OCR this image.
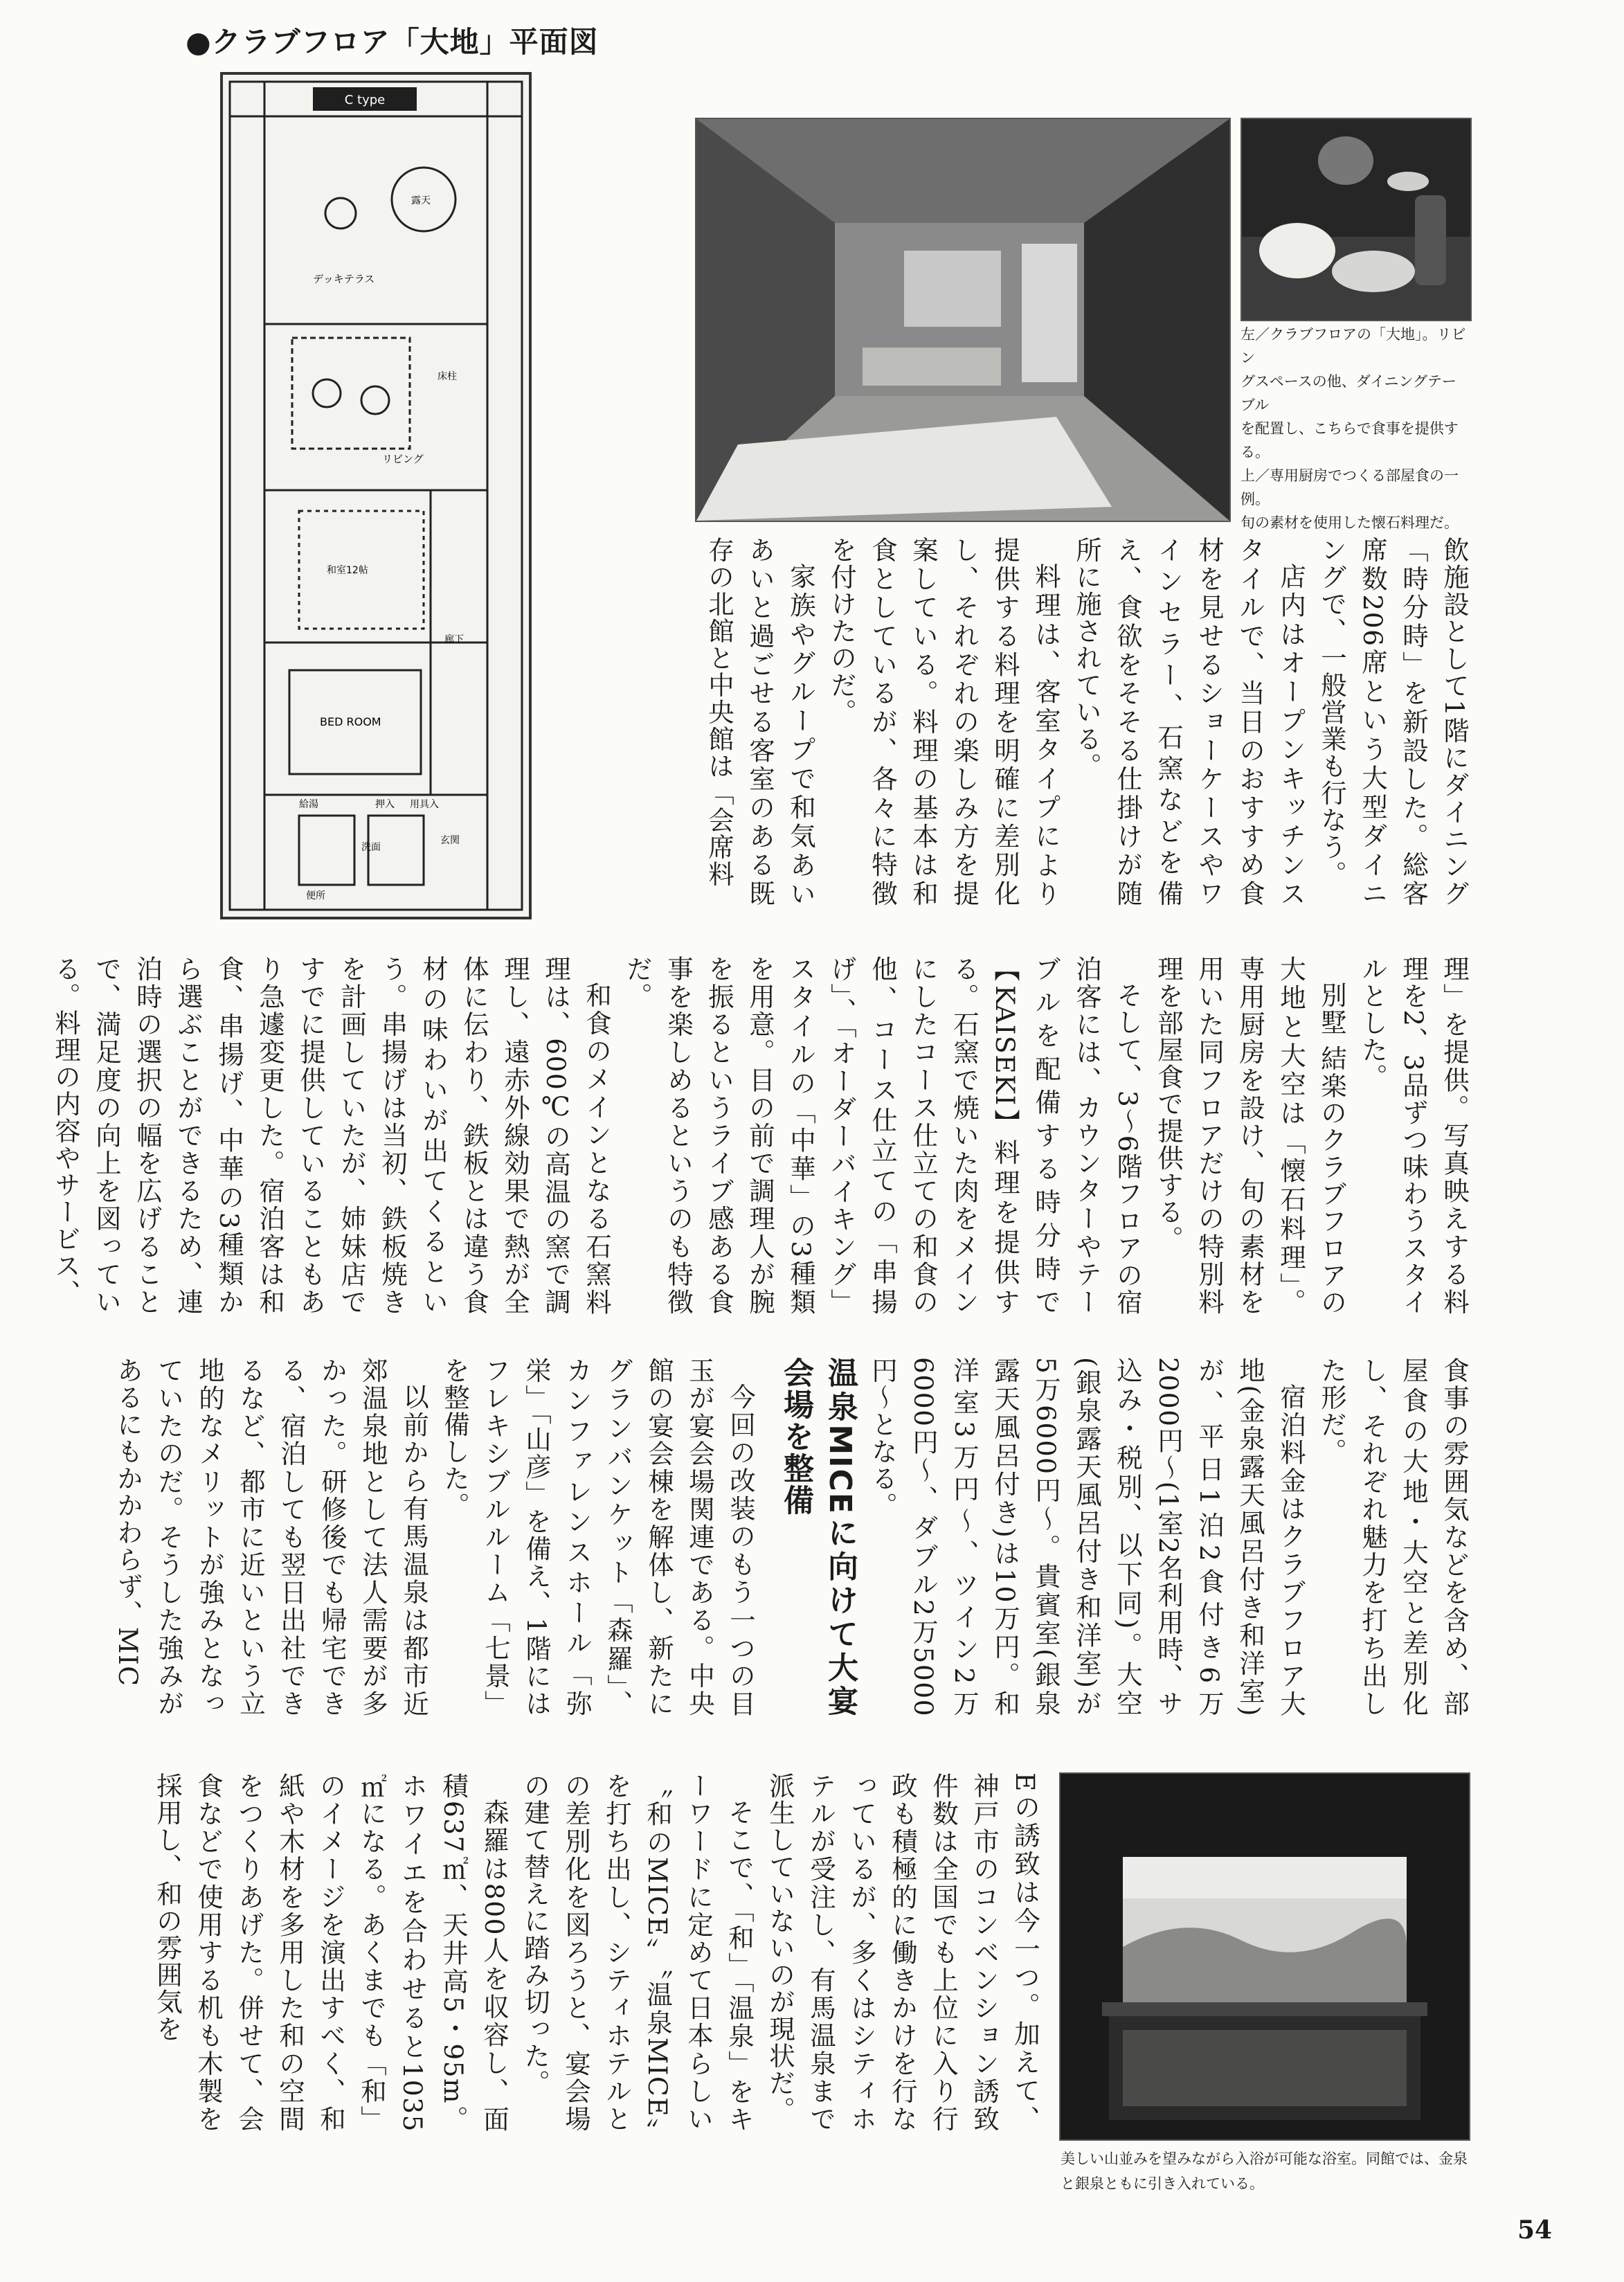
●クラブフロア「大地」平面図
C type
デッキテラス
リビング
露天
床柱
和室12帖
BED ROOM
廊下
玄関
押入 用具入
洗面
便所
給湯
左／クラブフロアの「大地」。リビン
グスペースの他、ダイニングテーブル
を配置し、こちらで食事を提供する。
上／専用厨房でつくる部屋食の一例。
旬の素材を使用した懐石料理だ。
美しい山並みを望みながら入浴が可能な浴室。同館では、金泉
と銀泉ともに引き入れている。

飲施設として1階にダイニング「時分時」を新設した。総客席数206席という大型ダイニングで、一般営業も行なう。

店内はオープンキッチンスタイルで、当日のおすすめ食材を見せるショーケースやワインセラー、石窯などを備え、食欲をそそる仕掛けが随所に施されている。

料理は、客室タイプにより提供する料理を明確に差別化し、それぞれの楽しみ方を提案している。料理の基本は和食としているが、各々に特徴を付けたのだ。

家族やグループで和気あいあいと過ごせる客室のある既存の北館と中央館は「会席料

理」を提供。写真映えする料理を2、3品ずつ味わうスタイルとした。

別墅 結楽のクラブフロアの大地と大空は「懐石料理」。専用厨房を設け、旬の素材を用いた同フロアだけの特別料理を部屋食で提供する。

そして、3〜6階フロアの宿泊客には、カウンターやテーブルを配備する時分時で【KAISEKI】料理を提供する。石窯で焼いた肉をメインにしたコース仕立ての和食の他、コース仕立ての「串揚げ」、「オーダーバイキング」スタイルの「中華」の3種類を用意。目の前で調理人が腕を振るというライブ感ある食事を楽しめるというのも特徴だ。

和食のメインとなる石窯料理は、600℃の高温の窯で調理し、遠赤外線効果で熱が全体に伝わり、鉄板とは違う食材の味わいが出てくるという。串揚げは当初、鉄板焼きを計画していたが、姉妹店ですでに提供していることもあり急遽変更した。宿泊客は和食、串揚げ、中華の3種類から選ぶことができるため、連泊時の選択の幅を広げることで、満足度の向上を図っている。料理の内容やサービス、

食事の雰囲気などを含め、部屋食の大地・大空と差別化し、それぞれ魅力を打ち出した形だ。

宿泊料金はクラブフロア大地(金泉露天風呂付き和洋室)が、平日1泊2食付き6万2000円〜(1室2名利用時、サ込み・税別、以下同)。大空(銀泉露天風呂付き和洋室)が5万6000円〜。貴賓室(銀泉露天風呂付き)は10万円。和洋室3万円〜、ツイン2万6000円〜、ダブル2万5000円〜となる。

温泉MICEに向けて大宴会場を整備

今回の改装のもう一つの目玉が宴会場関連である。中央館の宴会棟を解体し、新たにグランバンケット「森羅」、カンファレンスホール「弥栄」「山彦」を備え、1階にはフレキシブルルーム「七景」を整備した。

以前から有馬温泉は都市近郊温泉地として法人需要が多かった。研修後でも帰宅できる、宿泊しても翌日出社できるなど、都市に近いという立地的なメリットが強みとなっていたのだ。そうした強みがあるにもかかわらず、MIC

Eの誘致は今一つ。加えて、神戸市のコンベンション誘致件数は全国でも上位に入り行政も積極的に働きかけを行なっているが、多くはシティホテルが受注し、有馬温泉まで派生していないのが現状だ。

そこで、「和」「温泉」をキーワードに定めて日本らしい〝和のMICE〟〝温泉MICE〟を打ち出し、シティホテルとの差別化を図ろうと、宴会場の建て替えに踏み切った。

森羅は800人を収容し、面積637㎡、天井高5・95m。ホワイエを合わせると1035㎡になる。あくまでも「和」のイメージを演出すべく、和紙や木材を多用した和の空間をつくりあげた。併せて、会食などで使用する机も木製を採用し、和の雰囲気を

54
